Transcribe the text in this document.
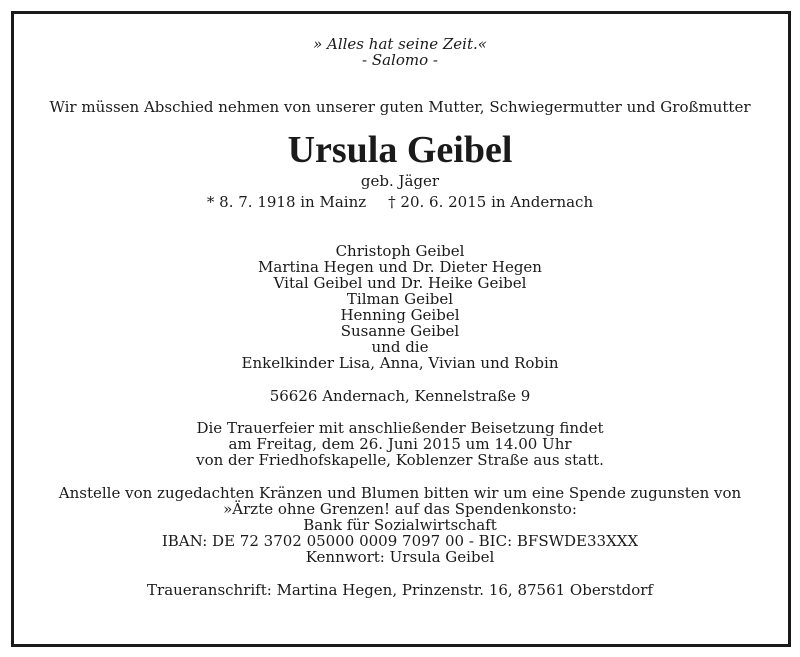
» Alles hat seine Zeit.«
- Salomo -
Wir müssen Abschied nehmen von unserer guten Mutter, Schwiegermutter und Großmutter
Ursula Geibel
geb. Jäger
* 8. 7. 1918 in Mainz † 20. 6. 2015 in Andernach
Christoph Geibel
Martina Hegen und Dr. Dieter Hegen
Vital Geibel und Dr. Heike Geibel
Tilman Geibel
Henning Geibel
Susanne Geibel
und die
Enkelkinder Lisa, Anna, Vivian und Robin
56626 Andernach, Kennelstraße 9
Die Trauerfeier mit anschließender Beisetzung findet
am Freitag, dem 26. Juni 2015 um 14.00 Uhr
von der Friedhofskapelle, Koblenzer Straße aus statt.
Anstelle von zugedachten Kränzen und Blumen bitten wir um eine Spende zugunsten von
»Ärzte ohne Grenzen! auf das Spendenkonsto:
Bank für Sozialwirtschaft
IBAN: DE 72 3702 05000 0009 7097 00 - BIC: BFSWDE33XXX
Kennwort: Ursula Geibel
Traueranschrift: Martina Hegen, Prinzenstr. 16, 87561 Oberstdorf
